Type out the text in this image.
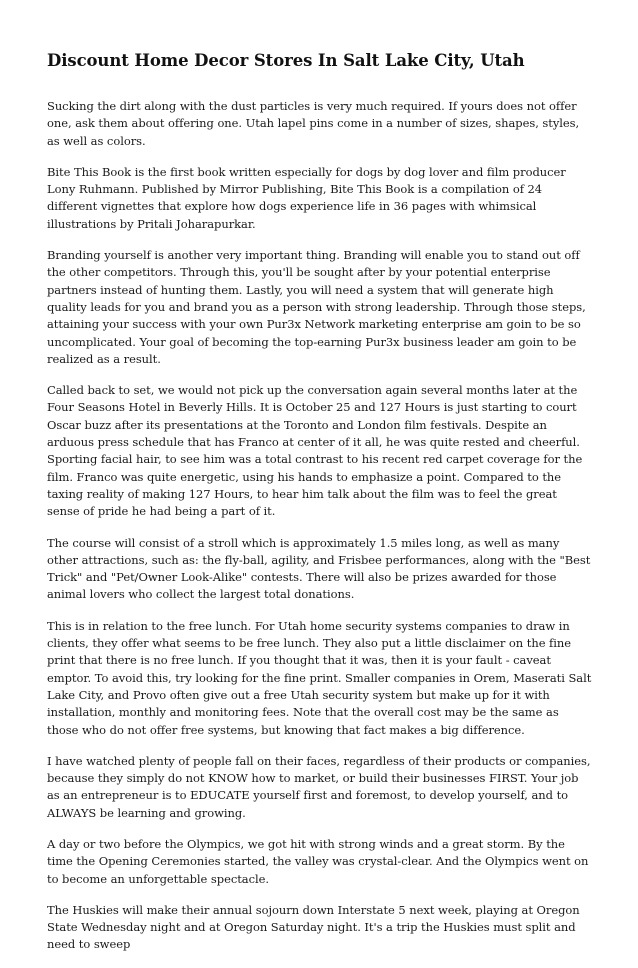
Discount Home Decor Stores In Salt Lake City, Utah

Sucking the dirt along with the dust particles is very much required. If yours does not offer one, ask them about offering one. Utah lapel pins come in a number of sizes, shapes, styles, as well as colors.

Bite This Book is the first book written especially for dogs by dog lover and film producer Lony Ruhmann. Published by Mirror Publishing, Bite This Book is a compilation of 24 different vignettes that explore how dogs experience life in 36 pages with whimsical illustrations by Pritali Joharapurkar.

Branding yourself is another very important thing. Branding will enable you to stand out off the other competitors. Through this, you'll be sought after by your potential enterprise partners instead of hunting them. Lastly, you will need a system that will generate high quality leads for you and brand you as a person with strong leadership. Through those steps, attaining your success with your own Pur3x Network marketing enterprise am goin to be so uncomplicated. Your goal of becoming the top-earning Pur3x business leader am goin to be realized as a result.

Called back to set, we would not pick up the conversation again several months later at the Four Seasons Hotel in Beverly Hills. It is October 25 and 127 Hours is just starting to court Oscar buzz after its presentations at the Toronto and London film festivals. Despite an arduous press schedule that has Franco at center of it all, he was quite rested and cheerful. Sporting facial hair, to see him was a total contrast to his recent red carpet coverage for the film. Franco was quite energetic, using his hands to emphasize a point. Compared to the taxing reality of making 127 Hours, to hear him talk about the film was to feel the great sense of pride he had being a part of it.

The course will consist of a stroll which is approximately 1.5 miles long, as well as many other attractions, such as: the fly-ball, agility, and Frisbee performances, along with the "Best Trick" and "Pet/Owner Look-Alike" contests. There will also be prizes awarded for those animal lovers who collect the largest total donations.

This is in relation to the free lunch. For Utah home security systems companies to draw in clients, they offer what seems to be free lunch. They also put a little disclaimer on the fine print that there is no free lunch. If you thought that it was, then it is your fault - caveat emptor. To avoid this, try looking for the fine print. Smaller companies in Orem, Maserati Salt Lake City, and Provo often give out a free Utah security system but make up for it with installation, monthly and monitoring fees. Note that the overall cost may be the same as those who do not offer free systems, but knowing that fact makes a big difference.

I have watched plenty of people fall on their faces, regardless of their products or companies, because they simply do not KNOW how to market, or build their businesses FIRST. Your job as an entrepreneur is to EDUCATE yourself first and foremost, to develop yourself, and to ALWAYS be learning and growing.

A day or two before the Olympics, we got hit with strong winds and a great storm. By the time the Opening Ceremonies started, the valley was crystal-clear. And the Olympics went on to become an unforgettable spectacle.

The Huskies will make their annual sojourn down Interstate 5 next week, playing at Oregon State Wednesday night and at Oregon Saturday night. It's a trip the Huskies must split and need to sweep
